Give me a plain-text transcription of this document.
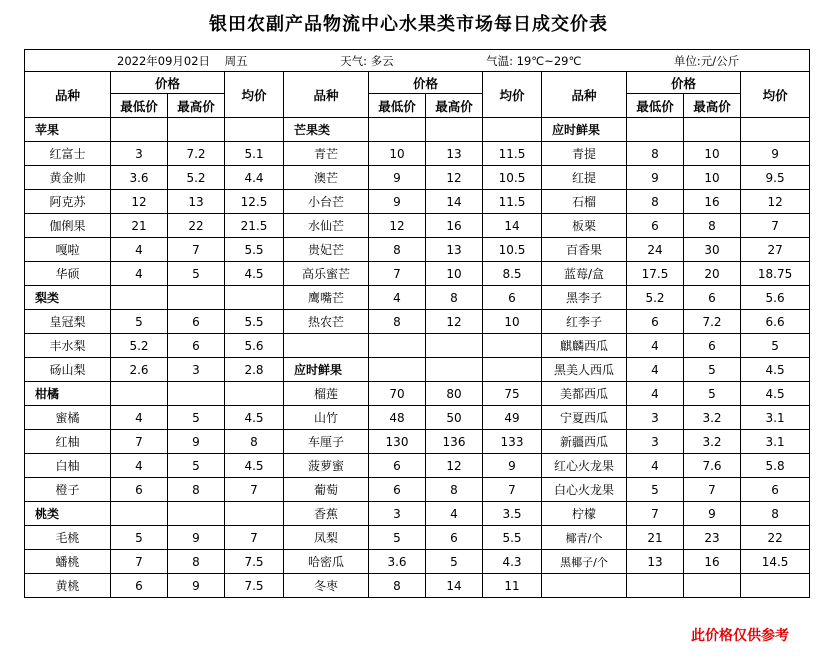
银田农副产品物流中心水果类市场每日成交价表
2022年09月02日 周五 天气: 多云 气温: 19℃~29℃ 单位:元/公斤											

品种	价格		均价	品种	价格		均价	品种	价格		均价
	最低价	最高价			最低价	最高价			最低价	最高价	
苹果				芒果类				应时鲜果			
红富士	3	7.2	5.1	青芒	10	13	11.5	青提	8	10	9
黄金帅	3.6	5.2	4.4	澳芒	9	12	10.5	红提	9	10	9.5
阿克苏	12	13	12.5	小台芒	9	14	11.5	石榴	8	16	12
伽俐果	21	22	21.5	水仙芒	12	16	14	板栗	6	8	7
嘎啦	4	7	5.5	贵妃芒	8	13	10.5	百香果	24	30	27
华硕	4	5	4.5	高乐蜜芒	7	10	8.5	蓝莓/盒	17.5	20	18.75
梨类				鹰嘴芒	4	8	6	黑李子	5.2	6	5.6
皇冠梨	5	6	5.5	热农芒	8	12	10	红李子	6	7.2	6.6
丰水梨	5.2	6	5.6					麒麟西瓜	4	6	5
砀山梨	2.6	3	2.8	应时鲜果				黑美人西瓜	4	5	4.5
柑橘				榴莲	70	80	75	美都西瓜	4	5	4.5
蜜橘	4	5	4.5	山竹	48	50	49	宁夏西瓜	3	3.2	3.1
红柚	7	9	8	车厘子	130	136	133	新疆西瓜	3	3.2	3.1
白柚	4	5	4.5	菠萝蜜	6	12	9	红心火龙果	4	7.6	5.8
橙子	6	8	7	葡萄	6	8	7	白心火龙果	5	7	6
桃类				香蕉	3	4	3.5	柠檬	7	9	8
毛桃	5	9	7	凤梨	5	6	5.5	椰青/个	21	23	22
蟠桃	7	8	7.5	哈密瓜	3.6	5	4.3	黑椰子/个	13	16	14.5
黄桃	6	9	7.5	冬枣	8	14	11				
此价格仅供参考
